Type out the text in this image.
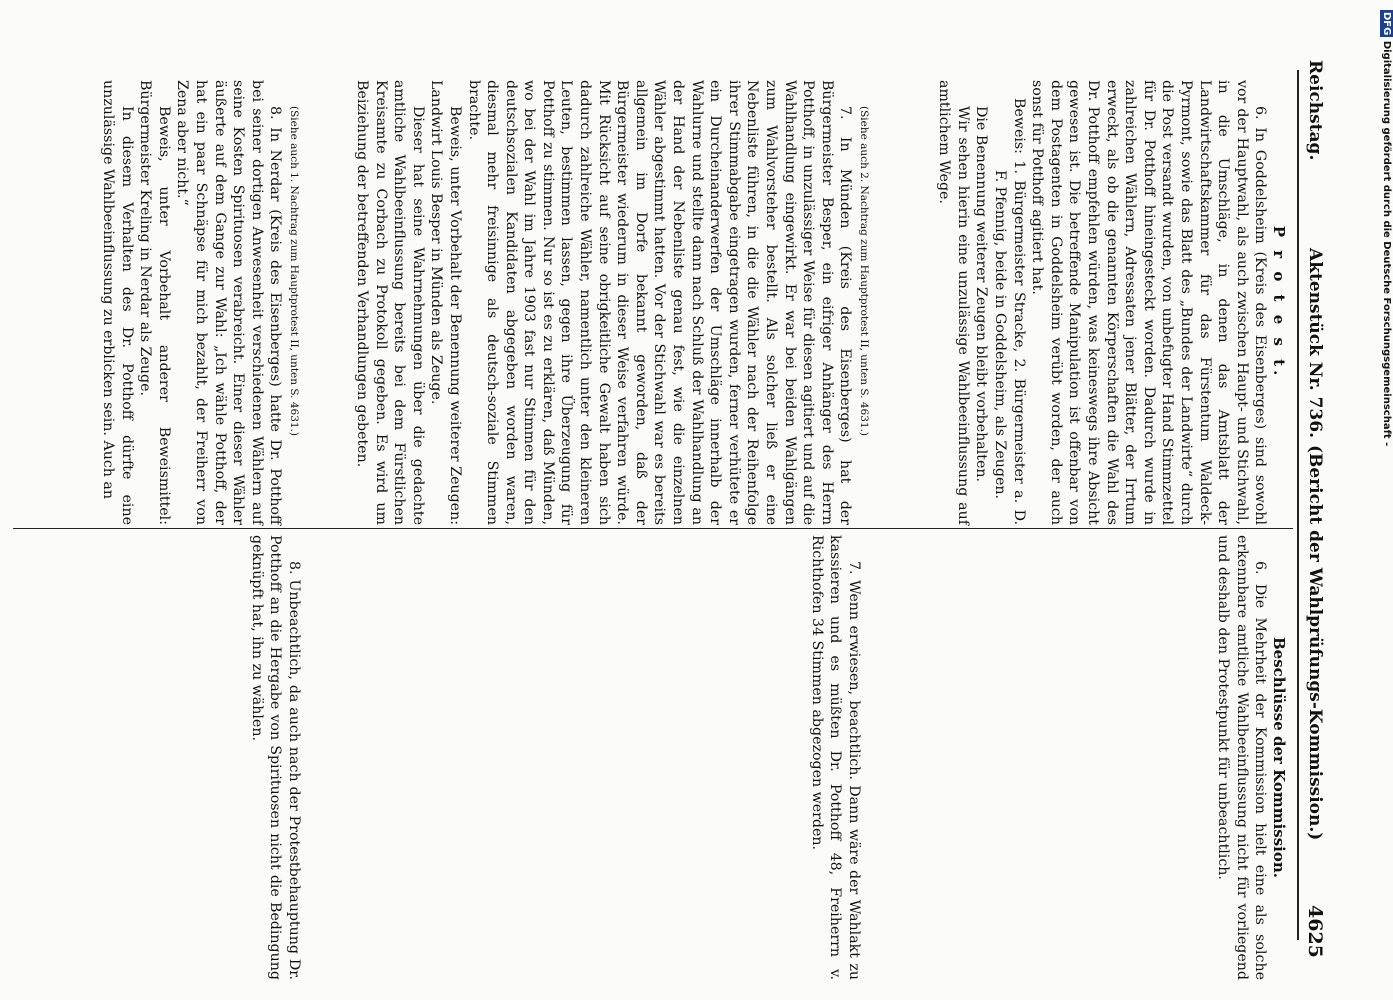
Reichstag.
Aktenstück Nr. 736.
(Bericht der Wahlprüfungs-Kommission.)
4625

P r o t e s t.

6. In Goddelsheim (Kreis des Eisenberges) sind sowohl vor der Hauptwahl, als auch zwischen Haupt- und Stichwahl, in die Umschläge, in denen das Amtsblatt der Landwirtschaftskammer für das Fürstentum Waldeck-Pyrmont, sowie das Blatt des „Bundes der Landwirte“ durch die Post versandt wurden, von unbefugter Hand Stimmzettel für Dr. Potthoff hineingesteckt worden. Dadurch wurde in zahlreichen Wählern, Adressaten jener Blätter, der Irrtum erweckt, als ob die genannten Körperschaften die Wahl des Dr. Potthoff empfehlen würden, was keineswegs ihre Absicht gewesen ist. Die betreffende Manipulation ist offenbar von dem Postagenten in Goddelsheim verübt worden, der auch sonst für Potthoff agitiert hat.

Beweis: 1. Bürgermeister Stracke, 2. Bürgermeister a. D. F. Pfennig, beide in Goddelsheim, als Zeugen.

Die Benennung weiterer Zeugen bleibt vorbehalten.

Wir sehen hierin eine unzulässige Wahlbeeinflussung auf amtlichem Wege.

(Siehe auch 2. Nachtrag zum Hauptprotest II, unten S. 4631.)

7. In Münden (Kreis des Eisenberges) hat der Bürgermeister Besper, ein eifriger Anhänger des Herrn Potthoff, in unzulässiger Weise für diesen agitiert und auf die Wahlhandlung eingewirkt. Er war bei beiden Wahlgängen zum Wahlvorsteher bestellt. Als solcher ließ er eine Nebenliste führen, in die die Wähler nach der Reihenfolge ihrer Stimmabgabe eingetragen wurden, ferner verhütete er ein Durcheinanderwerfen der Umschläge innerhalb der Wahlurne und stellte dann nach Schluß der Wahlhandlung an der Hand der Nebenliste genau fest, wie die einzelnen Wähler abgestimmt hatten. Vor der Stichwahl war es bereits allgemein im Dorfe bekannt geworden, daß der Bürgermeister wiederum in dieser Weise verfahren würde. Mit Rücksicht auf seine obrigkeitliche Gewalt haben sich dadurch zahlreiche Wähler, namentlich unter den kleineren Leuten, bestimmen lassen, gegen ihre Überzeugung für Potthoff zu stimmen. Nur so ist es zu erklären, daß Münden, wo bei der Wahl im Jahre 1903 fast nur Stimmen für den deutschsozialen Kandidaten abgegeben worden waren, diesmal mehr freisinnige als deutsch-soziale Stimmen brachte.

Beweis, unter Vorbehalt der Benennung weiterer Zeugen: Landwirt Louis Besper in Münden als Zeuge.

Dieser hat seine Wahrnehmungen über die gedachte amtliche Wahlbeeinflussung bereits bei dem Fürstlichen Kreisamte zu Corbach zu Protokoll gegeben. Es wird um Beiziehung der betreffenden Verhandlungen gebeten.

(Siehe auch 1. Nachtrag zum Hauptprotest II, unten S. 4631.)

8. In Nerdar (Kreis des Eisenberges) hatte Dr. Potthoff bei seiner dortigen Anwesenheit verschiedenen Wählern auf seine Kosten Spirituosen verabreicht. Einer dieser Wähler äußerte auf dem Gange zur Wahl: „Ich wähle Potthoff, der hat ein paar Schnäpse für mich bezahlt, der Freiherr von Zena aber nicht.“

Beweis, unter Vorbehalt anderer Beweismittel: Bürgermeister Kreling in Nerdar als Zeuge.

In diesem Verhalten des Dr. Potthoff dürfte eine unzulässige Wahlbeeinflussung zu erblicken sein. Auch an

Beschlüsse der Kommission.

6. Die Mehrheit der Kommission hielt eine als solche erkennbare amtliche Wahlbeeinflussung nicht für vorliegend und deshalb den Protestpunkt für unbeachtlich.

7. Wenn erwiesen, beachtlich. Dann wäre der Wahlakt zu kassieren und es müßten Dr. Potthoff 48, Freiherrn v. Richthofen 34 Stimmen abgezogen werden.

8. Unbeachtlich, da auch nach der Protestbehauptung Dr. Potthoff an die Hergabe von Spirituosen nicht die Bedingung geknüpft hat, ihn zu wählen.

DFG Digitalisierung gefördert durch die Deutsche Forschungsgemeinschaft -
